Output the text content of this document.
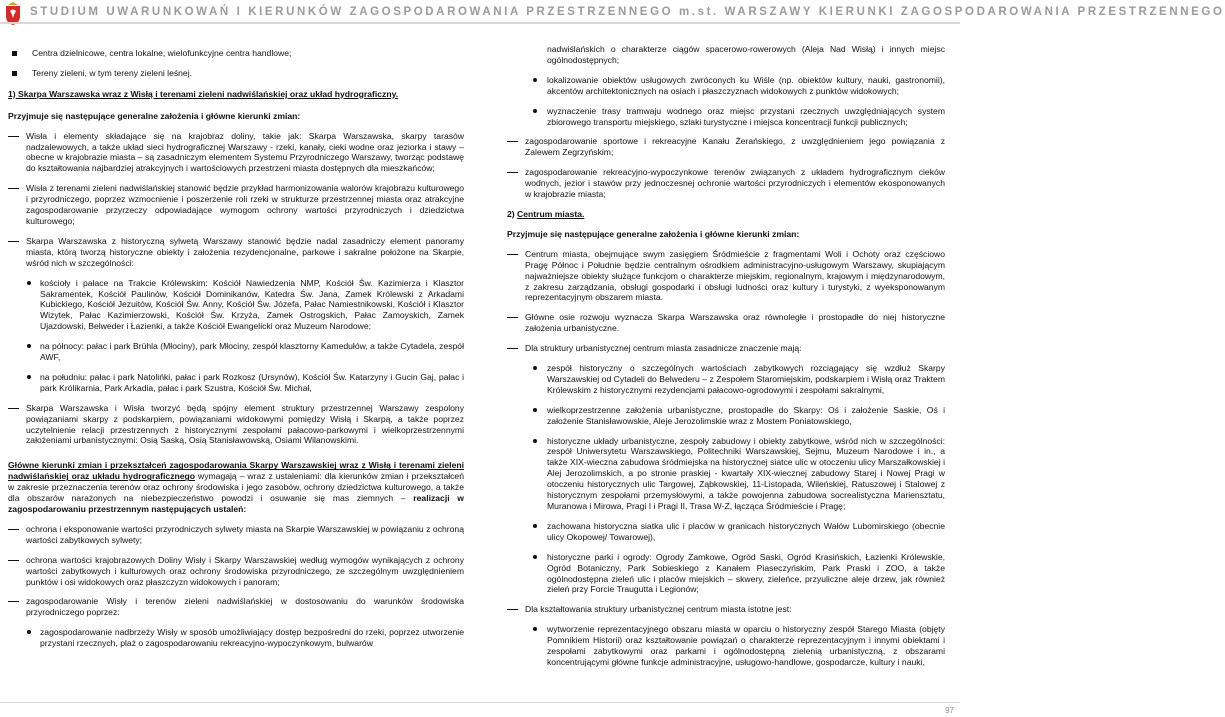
STUDIUM UWARUNKOWAŃ I KIERUNKÓW ZAGOSPODAROWANIA PRZESTRZENNEGO m.st. WARSZAWY KIERUNKI ZAGOSPODAROWANIA PRZESTRZENNEGO

Centra dzielnicowe, centra lokalne, wielofunkcyjne centra handlowe;

Tereny zieleni, w tym tereny zieleni leśnej.

1) Skarpa Warszawska wraz z Wisłą i terenami zieleni nadwiślańskiej oraz układ hydrograficzny.

Przyjmuje się następujące generalne założenia i główne kierunki zmian:

Wisła i elementy składające się na krajobraz doliny, takie jak: Skarpa Warszawska, skarpy tarasów nadzalewowych, a także układ sieci hydrograficznej Warszawy - rzeki, kanały, cieki wodne oraz jeziorka i stawy – obecne w krajobrazie miasta – są zasadniczym elementem Systemu Przyrodniczego Warszawy, tworząc podstawę do kształtowania najbardziej atrakcyjnych i wartościowych przestrzeni miasta dostępnych dla mieszkańców;

Wisła z terenami zieleni nadwiślańskiej stanowić będzie przykład harmonizowania walorów krajobrazu kulturowego i przyrodniczego, poprzez wzmocnienie i poszerzenie roli rzeki w strukturze przestrzennej miasta oraz atrakcyjne zagospodarowanie przyrzeczy odpowiadające wymogom ochrony wartości przyrodniczych i dziedzictwa kulturowego;

Skarpa Warszawska z historyczną sylwetą Warszawy stanowić będzie nadal zasadniczy element panoramy miasta, którą tworzą historyczne obiekty i założenia rezydencjonalne, parkowe i sakralne położone na Skarpie, wśród nich w szczególności:

kościoły i pałace na Trakcie Królewskim: Kościół Nawiedzenia NMP, Kościół Św. Kazimierza i Klasztor Sakramentek, Kościół Paulinów, Kościół Dominikanów, Katedra Św. Jana, Zamek Królewski z Arkadami Kubickiego, Kościół Jezuitów, Kościół Św. Anny, Kościół Św. Józefa, Pałac Namiestnikowski, Kościół i Klasztor Wizytek, Pałac Kazimierzowski, Kościół Św. Krzyża, Zamek Ostrogskich, Pałac Zamoyskich, Zamek Ujazdowski, Belweder i Łazienki, a także Kościół Ewangelicki oraz Muzeum Narodowe;

na północy: pałac i park Brühla (Młociny), park Młociny, zespół klasztorny Kamedułów, a także Cytadela, zespół AWF,

na południu: pałac i park Natolińki, pałac i park Rozkosz (Ursynów), Kościół Św. Katarzyny i Gucin Gaj, pałac i park Królikarnia, Park Arkadia, pałac i park Szustra, Kościół Św. Michał,

Skarpa Warszawska i Wisła tworzyć będą spójny element struktury przestrzennej Warszawy zespolony powiązaniami skarpy z podskarpiem, powiązaniami widokowymi pomiędzy Wisłą i Skarpą, a także poprzez uczytelnienie relacji przestrzennych z historycznymi zespołami pałacowo-parkowymi i wielkoprzestrzennymi założeniami urbanistycznymi: Osią Saską, Osią Stanisławowską, Osiami Wilanowskimi.

Główne kierunki zmian i przekształceń zagospodarowania Skarpy Warszawskiej wraz z Wisłą i terenami zieleni nadwiślańskiej oraz układu hydrograficznego wymagają – wraz z ustaleniami: dla kierunków zmian i przekształceń w zakresie przeznaczenia terenów oraz ochrony środowiska i jego zasobów, ochrony dziedzictwa kulturowego, a także dla obszarów narażonych na niebezpieczeństwo powodzi i osuwanie się mas ziemnych – realizacji w zagospodarowaniu przestrzennym następujących ustaleń:

ochrona i eksponowanie wartości przyrodniczych sylwety miasta na Skarpie Warszawskiej w powiązaniu z ochroną wartości zabytkowych sylwety;

ochrona wartości krajobrazowych Doliny Wisły i Skarpy Warszawskiej według wymogów wynikających z ochrony wartości zabytkowych i kulturowych oraz ochrony środowiska przyrodniczego, ze szczególnym uwzględnieniem punktów i osi widokowych oraz płaszczyzn widokowych i panoram;

zagospodarowanie Wisły i terenów zieleni nadwiślańskiej w dostosowaniu do warunków środowiska przyrodniczego poprzez:

zagospodarowanie nadbrzeży Wisły w sposób umożliwiający dostęp bezpośredni do rzeki, poprzez utworzenie przystani rzecznych, plaż o zagospodarowaniu rekreacyjno-wypoczynkowym, bulwarów

nadwiślańskich o charakterze ciągów spacerowo-rowerowych (Aleja Nad Wisłą) i innych miejsc ogólnodostępnych;

lokalizowanie obiektów usługowych zwróconych ku Wiśle (np. obiektów kultury, nauki, gastronomii), akcentów architektonicznych na osiach i płaszczyznach widokowych z punktów widokowych;

wyznaczenie trasy tramwaju wodnego oraz miejsc przystani rzecznych uwzględniających system zbiorowego transportu miejskiego, szlaki turystyczne i miejsca koncentracji funkcji publicznych;

zagospodarowanie sportowe i rekreacyjne Kanału Żerańskiego, z uwzględnieniem jego powiązania z Zalewem Zegrzyńskim;

zagospodarowanie rekreacyjno-wypoczynkowe terenów związanych z układem hydrograficznym cieków wodnych, jezior i stawów przy jednoczesnej ochronie wartości przyrodniczych i elementów ekosponowanych w krajobrazie miasta;

2) Centrum miasta.

Przyjmuje się następujące generalne założenia i główne kierunki zmian:

Centrum miasta, obejmujące swym zasięgiem Śródmieście z fragmentami Woli i Ochoty oraz częściowo Pragę Północ i Południe będzie centralnym ośrodkiem administracyjno-usługowym Warszawy, skupiającym najważniejsze obiekty służące funkcjom o charakterze miejskim, regionalnym, krajowym i międzynarodowym, z zakresu zarządzania, obsługi gospodarki i obsługi ludności oraz kultury i turystyki, z wyeksponowanym reprezentacyjnym obszarem miasta.

Główne osie rozwoju wyznacza Skarpa Warszawska oraz równoległe i prostopadłe do niej historyczne założenia urbanistyczne.

Dla struktury urbanistycznej centrum miasta zasadnicze znaczenie mają:

zespół historyczny o szczególnych wartościach zabytkowych rozciągający się wzdłuż Skarpy Warszawskiej od Cytadeli do Belwederu – z Zespołem Staromiejskim, podskarpiem i Wisłą oraz Traktem Królewskim z historycznymi rezydencjami pałacowo-ogrodowymi i zespołami sakralnymi,

wielkoprzestrzenne założenia urbanistyczne, prostopadłe do Skarpy: Oś i założenie Saskie, Oś i założenie Stanisławowskie, Aleje Jerozolimskie wraz z Mostem Poniatowskiego,

historyczne układy urbanistyczne, zespoły zabudowy i obiekty zabytkowe, wśród nich w szczególności: zespół Uniwersytetu Warszawskiego, Politechniki Warszawskiej, Sejmu, Muzeum Narodowe i in., a także XIX-wieczna zabudowa śródmiejska na historycznej siatce ulic w otoczeniu ulicy Marszałkowskiej i Alej Jerozolimskich, a po stronie praskiej - kwartały XIX-wiecznej zabudowy Starej i Nowej Pragi w otoczeniu historycznych ulic Targowej, Ząbkowskiej, 11-Listopada, Wileńskiej, Ratuszowej i Stalowej z historycznym zespołami przemysłowymi, a także powojenna zabudowa socrealistyczna Mariensztatu, Muranowa i Mirowa, Pragi I i Pragi II, Trasa W-Z, łącząca Śródmieście i Pragę;

zachowana historyczna siatka ulic i placów w granicach historycznych Wałów Lubomirskiego (obecnie ulicy Okopowej/ Towarowej),

historyczne parki i ogrody: Ogrody Zamkowe, Ogród Saski, Ogród Krasińskich, Łazienki Królewskie, Ogród Botaniczny, Park Sobieskiego z Kanałem Piaseczyńskim, Park Praski i ZOO, a także ogólnodostępna zieleń ulic i placów miejskich – skwery, zieleńce, przyuliczne aleje drzew, jak również zieleń przy Forcie Traugutta i Legionów;

Dla kształtowania struktury urbanistycznej centrum miasta istotne jest:

wytworzenie reprezentacyjnego obszaru miasta w oparciu o historyczny zespół Starego Miasta (objęty Pomnikiem Historii) oraz kształtowanie powiązań o charakterze reprezentacyjnym i innymi obiektami i zespołami zabytkowymi oraz parkami i ogólnodostępną zielenią urbanistyczną, z obszarami koncentrującymi główne funkcje administracyjne, usługowo-handlowe, gospodarcze, kultury i nauki,

97
